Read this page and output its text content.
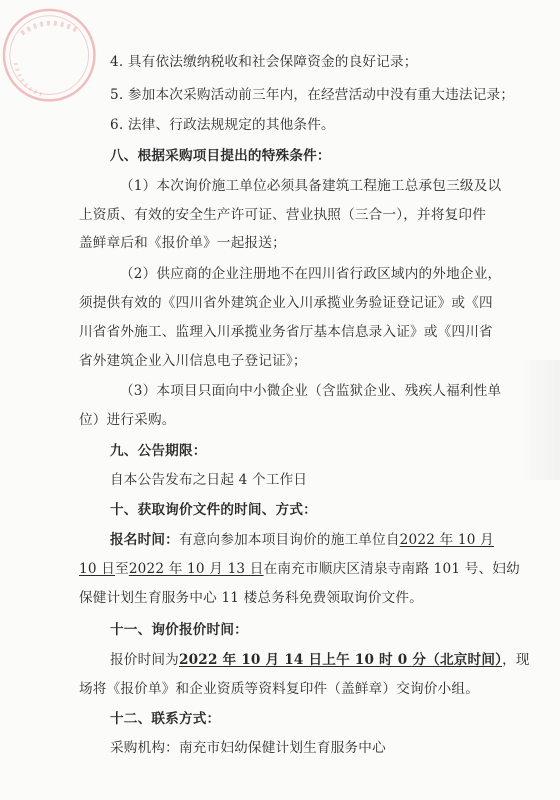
4. 具有依法缴纳税收和社会保障资金的良好记录；
5. 参加本次采购活动前三年内，在经营活动中没有重大违法记录；
6. 法律、行政法规规定的其他条件。
八、根据采购项目提出的特殊条件：
（1）本次询价施工单位必须具备建筑工程施工总承包三级及以
上资质、有效的安全生产许可证、营业执照（三合一），并将复印件
盖鲜章后和《报价单》一起报送；
（2）供应商的企业注册地不在四川省行政区域内的外地企业，
须提供有效的《四川省外建筑企业入川承揽业务验证登记证》或《四
川省省外施工、监理入川承揽业务省厅基本信息录入证》或《四川省
省外建筑企业入川信息电子登记证》；
（3）本项目只面向中小微企业（含监狱企业、残疾人福利性单
位）进行采购。
九、公告期限：
自本公告发布之日起 4 个工作日
十、获取询价文件的时间、方式：
报名时间：有意向参加本项目询价的施工单位自2022 年 10 月
10 日至2022 年 10 月 13 日在南充市顺庆区清泉寺南路 101 号、妇幼
保健计划生育服务中心 11 楼总务科免费领取询价文件。
十一、询价报价时间：
报价时间为2022 年 10 月 14 日上午 10 时 0 分（北京时间），现
场将《报价单》和企业资质等资料复印件（盖鲜章）交询价小组。
十二、联系方式：
采购机构：南充市妇幼保健计划生育服务中心
